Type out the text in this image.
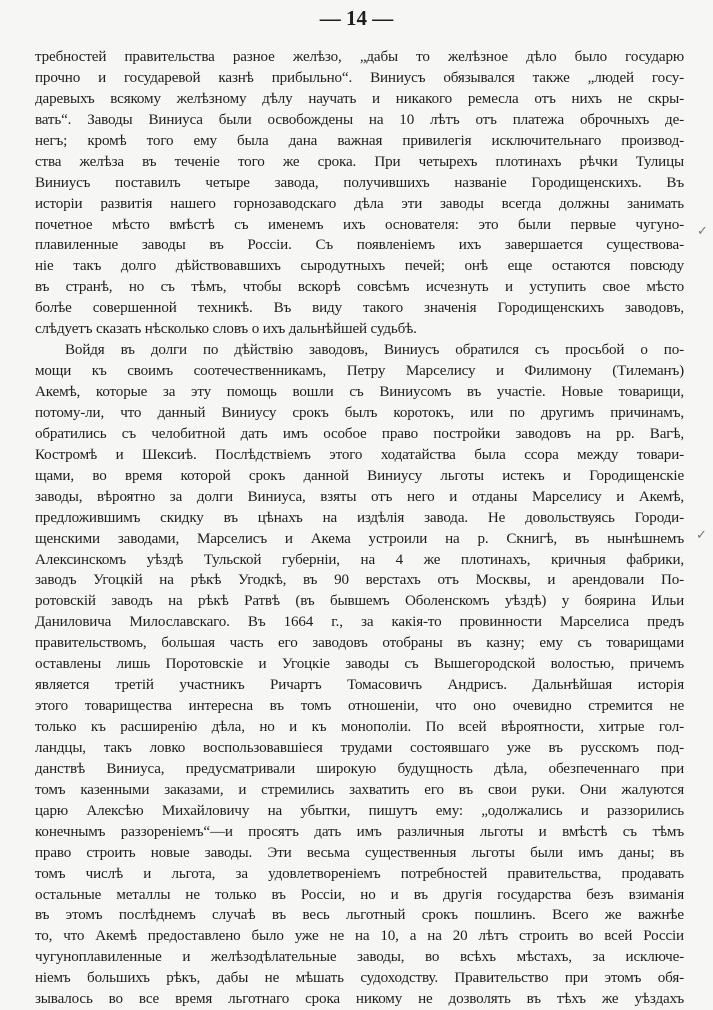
— 14 —
требностей правительства разное желѣзо, „дабы то желѣзное дѣло было государю
прочно и государевой казнѣ прибыльно“. Виниусъ обязывался также „людей госу-
даревыхъ всякому желѣзному дѣлу научать и никакого ремесла отъ нихъ не скры-
вать“. Заводы Виниуса были освобождены на 10 лѣтъ отъ платежа оброчныхъ де-
негъ; кромѣ того ему была дана важная привилегія исключительнаго производ-
ства желѣза въ теченіе того же срока. При четырехъ плотинахъ рѣчки Тулицы
Виниусъ поставилъ четыре завода, получившихъ названіе Городищенскихъ. Въ
исторіи развитія нашего горнозаводскаго дѣла эти заводы всегда должны занимать
почетное мѣсто вмѣстѣ съ именемъ ихъ основателя: это были первые чугуно-
плавиленные заводы въ Россіи. Съ появленіемъ ихъ завершается существова-
ніе такъ долго дѣйствовавшихъ сыродутныхъ печей; онѣ еще остаются повсюду
въ странѣ, но съ тѣмъ, чтобы вскорѣ совсѣмъ исчезнуть и уступить свое мѣсто
болѣе совершенной техникѣ. Въ виду такого значенія Городищенскихъ заводовъ,
слѣдуетъ сказать нѣсколько словъ о ихъ дальнѣйшей судьбѣ.
Войдя въ долги по дѣйствію заводовъ, Виниусъ обратился съ просьбой о по-
мощи къ своимъ соотечественникамъ, Петру Марселису и Филимону (Тилеманъ)
Акемѣ, которые за эту помощь вошли съ Виниусомъ въ участіе. Новые товарищи,
потому-ли, что данный Виниусу срокъ былъ коротокъ, или по другимъ причинамъ,
обратились съ челобитной дать имъ особое право постройки заводовъ на рр. Вагѣ,
Костромѣ и Шексиѣ. Послѣдствіемъ этого ходатайства была ссора между товари-
щами, во время которой срокъ данной Виниусу льготы истекъ и Городищенскіе
заводы, вѣроятно за долги Виниуса, взяты отъ него и отданы Марселису и Акемѣ,
предложившимъ скидку въ цѣнахъ на издѣлія завода. Не довольствуясь Городи-
щенскими заводами, Марселисъ и Акема устроили на р. Скнигѣ, въ нынѣшнемъ
Алексинскомъ уѣздѣ Тульской губерніи, на 4 же плотинахъ, кричныя фабрики,
заводъ Угоцкій на рѣкѣ Угодкѣ, въ 90 верстахъ отъ Москвы, и арендовали По-
ротовскій заводъ на рѣкѣ Ратвѣ (въ бывшемъ Оболенскомъ уѣздѣ) у боярина Ильи
Даниловича Милославскаго. Въ 1664 г., за какія-то провинности Марселиса предъ
правительствомъ, большая часть его заводовъ отобраны въ казну; ему съ товарищами
оставлены лишь Поротовскіе и Угоцкіе заводы съ Вышегородской волостью, причемъ
является третій участникъ Ричартъ Томасовичъ Андрисъ. Дальнѣйшая исторія
этого товарищества интересна въ томъ отношеніи, что оно очевидно стремится не
только къ расширенію дѣла, но и къ монополіи. По всей вѣроятности, хитрые гол-
ландцы, такъ ловко воспользовавшіеся трудами состоявшаго уже въ русскомъ под-
данствѣ Виниуса, предусматривали широкую будущность дѣла, обезпеченнаго при
томъ казенными заказами, и стремились захватить его въ свои руки. Они жалуются
царю Алексѣю Михайловичу на убытки, пишутъ ему: „одолжались и раззорились
конечнымъ раззореніемъ“—и просятъ дать имъ различныя льготы и вмѣстѣ съ тѣмъ
право строить новые заводы. Эти весьма существенныя льготы были имъ даны; въ
томъ числѣ и льгота, за удовлетвореніемъ потребностей правительства, продавать
остальные металлы не только въ Россіи, но и въ другія государства безъ взиманія
въ этомъ послѣднемъ случаѣ въ весь льготный срокъ пошлинъ. Всего же важнѣе
то, что Акемѣ предоставлено было уже не на 10, а на 20 лѣтъ строить во всей Россіи
чугуноплавиленные и желѣзодѣлательные заводы, во всѣхъ мѣстахъ, за исключе-
ніемъ большихъ рѣкъ, дабы не мѣшать судоходству. Правительство при этомъ обя-
зывалось во все время льготнаго срока никому не дозволять въ тѣхъ же уѣздахъ
✓
✓
